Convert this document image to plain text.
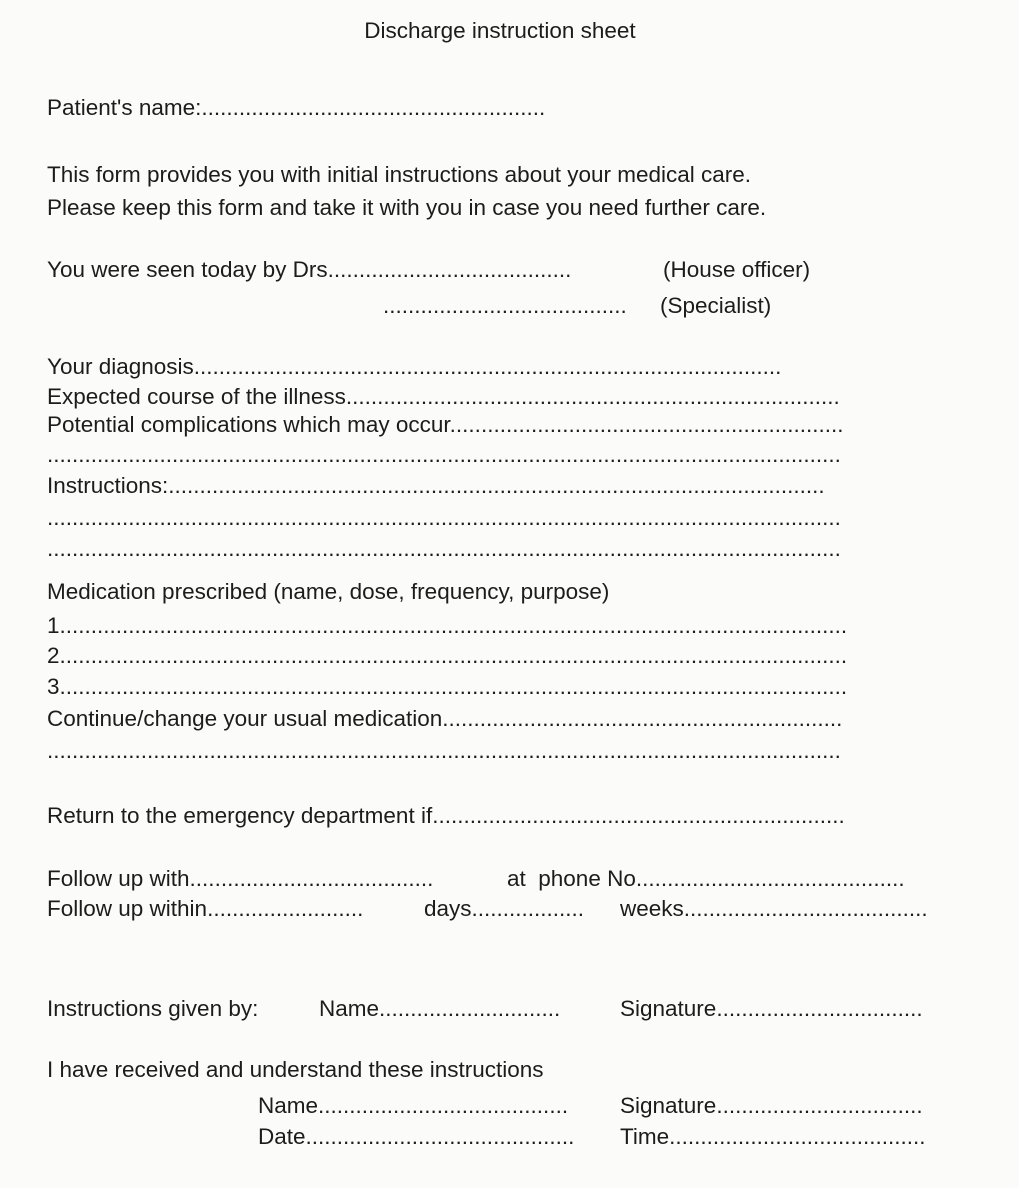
Discharge instruction sheet
Patient's name:.......................................................
This form provides you with initial instructions about your medical care.
Please keep this form and take it with you in case you need further care.
You were seen today by Drs.......................................	(House officer)
....................................... (Specialist)
Your diagnosis..............................................................................................
Expected course of the illness...............................................................................
Potential complications which may occur...............................................................
...............................................................................................................................
Instructions:.........................................................................................................
...............................................................................................................................
...............................................................................................................................
Medication prescribed (name, dose, frequency, purpose)
1..............................................................................................................................
2..............................................................................................................................
3..............................................................................................................................
Continue/change your usual medication................................................................
...............................................................................................................................
Return to the emergency department if..................................................................
Follow up with.......................................	at  phone No...........................................
Follow up within.........................	days.................. weeks.......................................
Instructions given by:	Name.............................	Signature.................................
I have received and understand these instructions
Name........................................ Signature.................................
Date........................................... Time.........................................
